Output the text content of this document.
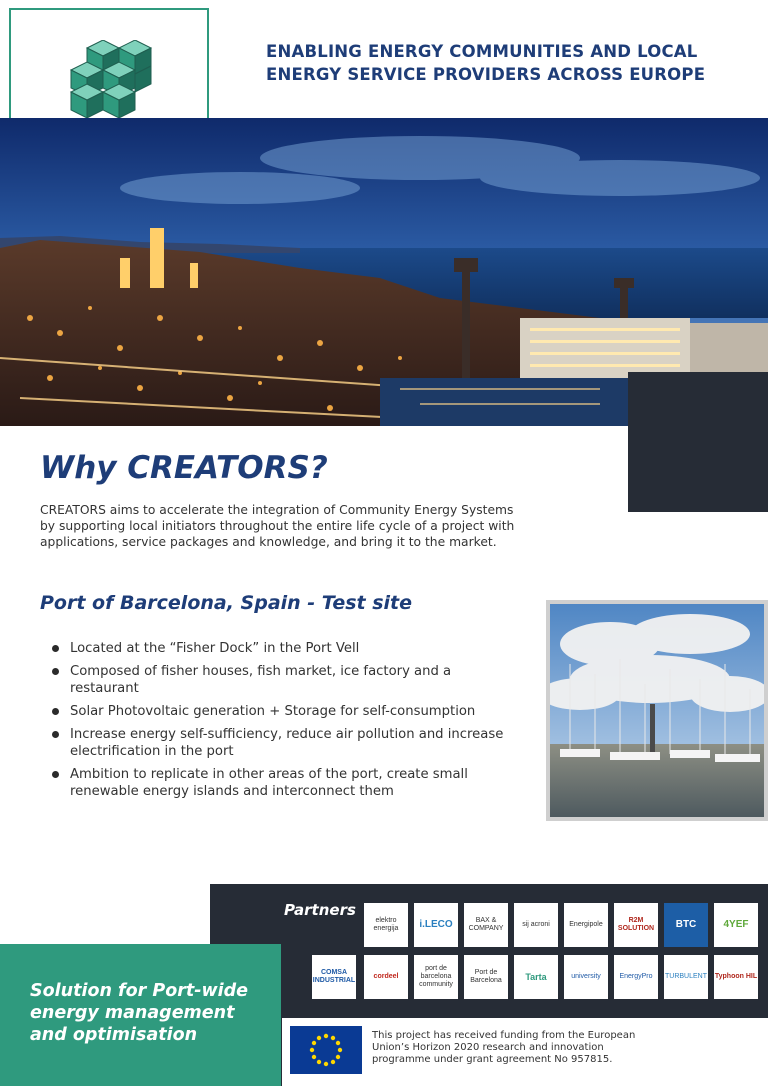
ENABLING ENERGY COMMUNITIES AND LOCAL
ENERGY SERVICE PROVIDERS ACROSS EUROPE
Why CREATORS?
CREATORS aims to accelerate the integration of Community Energy Systems by supporting local initiators throughout the entire life cycle of a project with applications, service packages and knowledge, and bring it to the market.
Port of Barcelona, Spain - Test site
Located at the “Fisher Dock” in the Port Vell
Composed of fisher houses, fish market, ice factory and a restaurant
Solar Photovoltaic generation + Storage for self-consumption
Increase energy self-sufficiency, reduce air pollution and increase electrification in the port
Ambition to replicate in other areas of the port, create small renewable energy islands and interconnect them
Partners
elektro energija	i.LECO	BAX & COMPANY
sij acroni	Energipole
R2M SOLUTION	BTC	4YEF
COMSA INDUSTRIAL
cordeel
port de barcelona community
Port de Barcelona	Tarta	university	EnergyPro	TURBULENT Typhoon HIL
This project has received funding from the European Union’s Horizon 2020 research and innovation programme under grant agreement No 957815.
Solution for Port-wide
energy management
and optimisation
